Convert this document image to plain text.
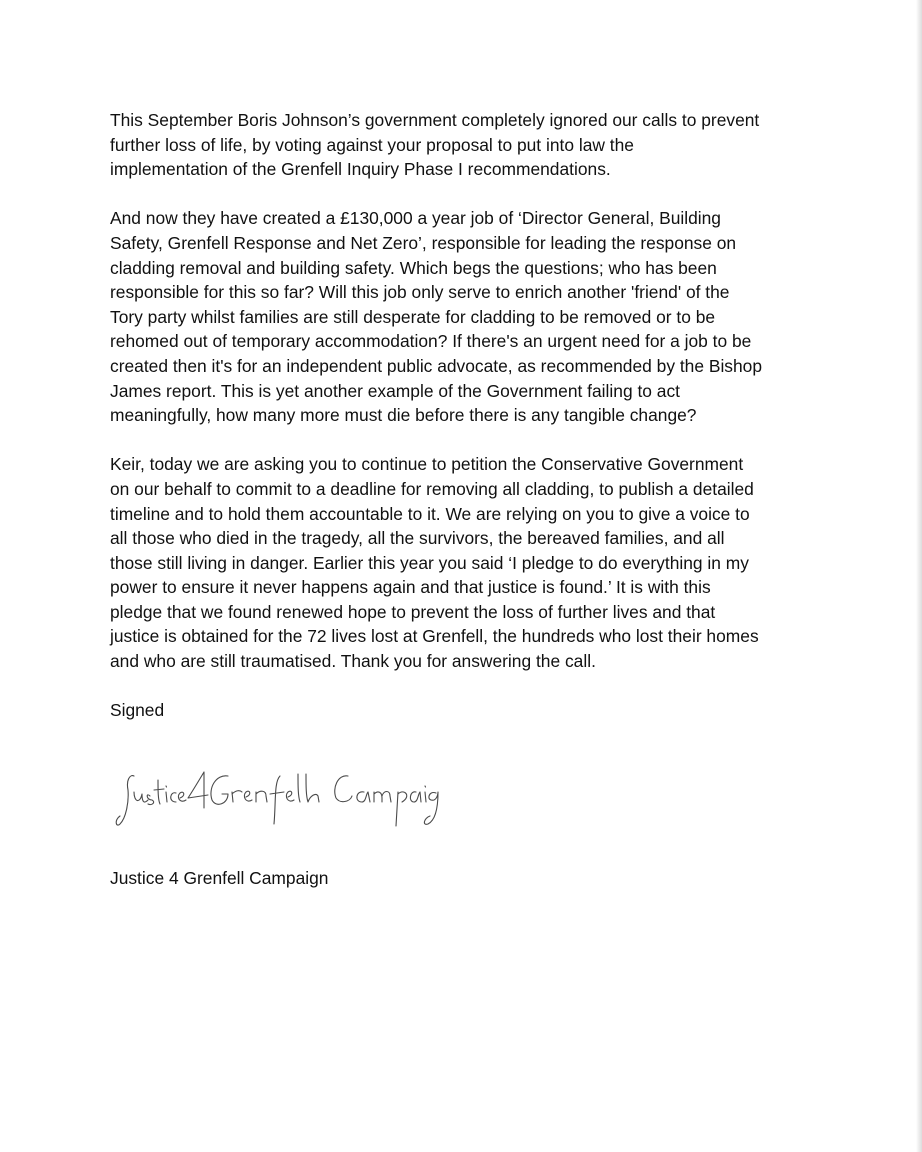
This September Boris Johnson’s government completely ignored our calls to prevent
further loss of life, by voting against your proposal to put into law the
implementation of the Grenfell Inquiry Phase I recommendations.

And now they have created a £130,000 a year job of ‘Director General, Building
Safety, Grenfell Response and Net Zero’, responsible for leading the response on
cladding removal and building safety. Which begs the questions; who has been
responsible for this so far? Will this job only serve to enrich another 'friend' of the
Tory party whilst families are still desperate for cladding to be removed or to be
rehomed out of temporary accommodation? If there's an urgent need for a job to be
created then it's for an independent public advocate, as recommended by the Bishop
James report. This is yet another example of the Government failing to act
meaningfully, how many more must die before there is any tangible change?

Keir, today we are asking you to continue to petition the Conservative Government
on our behalf to commit to a deadline for removing all cladding, to publish a detailed
timeline and to hold them accountable to it. We are relying on you to give a voice to
all those who died in the tragedy, all the survivors, the bereaved families, and all
those still living in danger. Earlier this year you said ‘I pledge to do everything in my
power to ensure it never happens again and that justice is found.’ It is with this
pledge that we found renewed hope to prevent the loss of further lives and that
justice is obtained for the 72 lives lost at Grenfell, the hundreds who lost their homes
and who are still traumatised. Thank you for answering the call.

Signed

Justice 4 Grenfell Campaign
